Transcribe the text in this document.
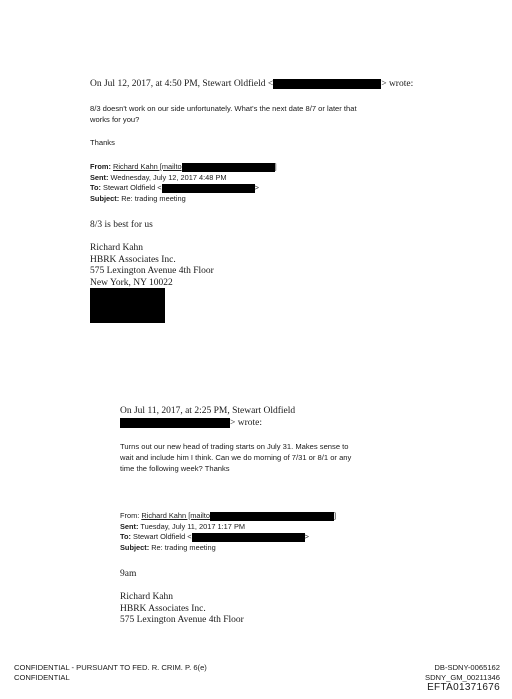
On Jul 12, 2017, at 4:50 PM, Stewart Oldfield <	> wrote:
8/3 doesn't work on our side unfortunately. What's the next date 8/7 or later that
works for you?
Thanks
From: Richard Kahn [mailto	]
Sent: Wednesday, July 12, 2017 4:48 PM
To: Stewart Oldfield <	>
Subject: Re: trading meeting
8/3 is best for us
Richard Kahn
HBRK Associates Inc.
575 Lexington Avenue 4th Floor
New York, NY 10022
On Jul 11, 2017, at 2:25 PM, Stewart Oldfield
> wrote:
Turns out our new head of trading starts on July 31. Makes sense to
wait and include him I think. Can we do morning of 7/31 or 8/1 or any
time the following week? Thanks
From: Richard Kahn [mailto	]
Sent: Tuesday, July 11, 2017 1:17 PM
To: Stewart Oldfield <	>
Subject: Re: trading meeting
9am
Richard Kahn
HBRK Associates Inc.
575 Lexington Avenue 4th Floor
CONFIDENTIAL - PURSUANT TO FED. R. CRIM. P. 6(e)
CONFIDENTIAL
DB-SDNY-0065162
SDNY_GM_00211346
EFTA01371676
